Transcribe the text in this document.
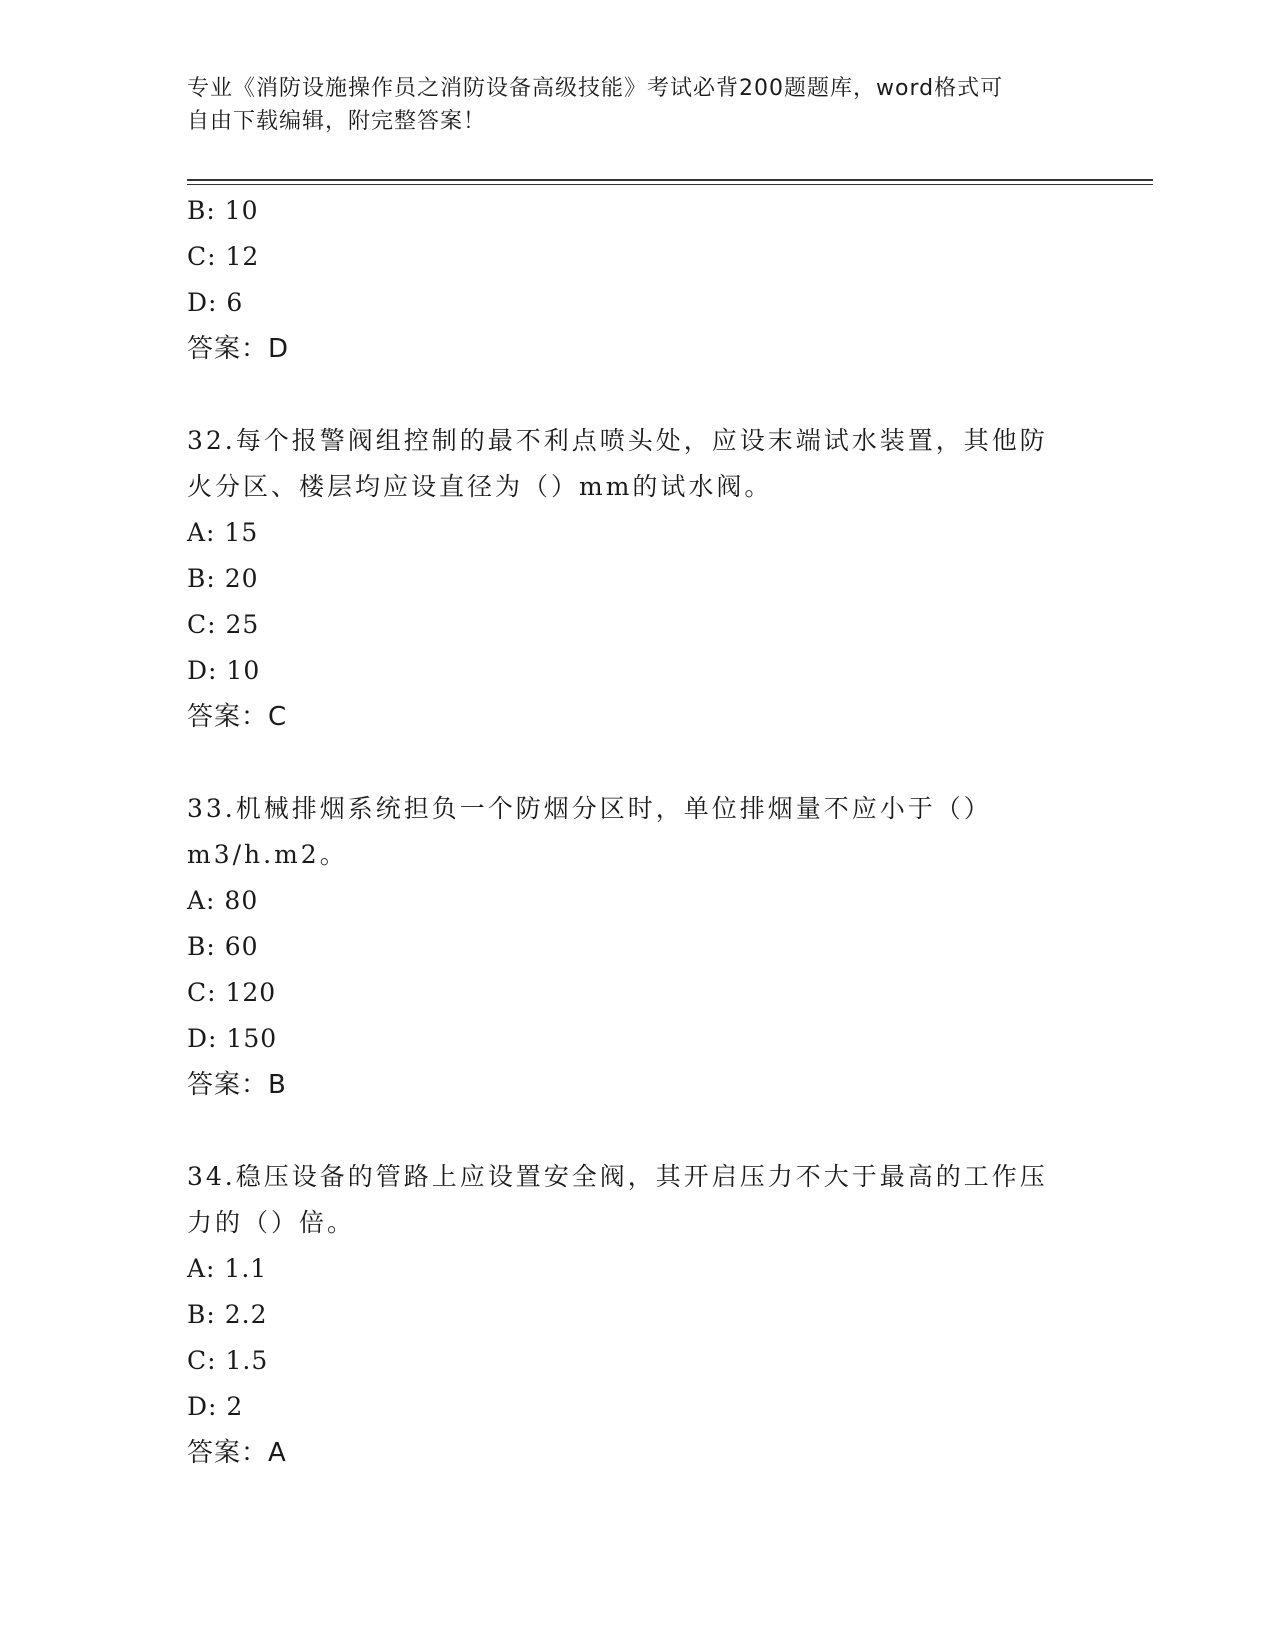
专业《消防设施操作员之消防设备高级技能》考试必背200题题库，word格式可
自由下载编辑，附完整答案！
B: 10
C: 12
D: 6
答案：D
32.每个报警阀组控制的最不利点喷头处，应设末端试水装置，其他防
火分区、楼层均应设直径为（）mm的试水阀。
A: 15
B: 20
C: 25
D: 10
答案：C
33.机械排烟系统担负一个防烟分区时，单位排烟量不应小于（）
m3/h.m2。
A: 80
B: 60
C: 120
D: 150
答案：B
34.稳压设备的管路上应设置安全阀，其开启压力不大于最高的工作压
力的（）倍。
A: 1.1
B: 2.2
C: 1.5
D: 2
答案：A
